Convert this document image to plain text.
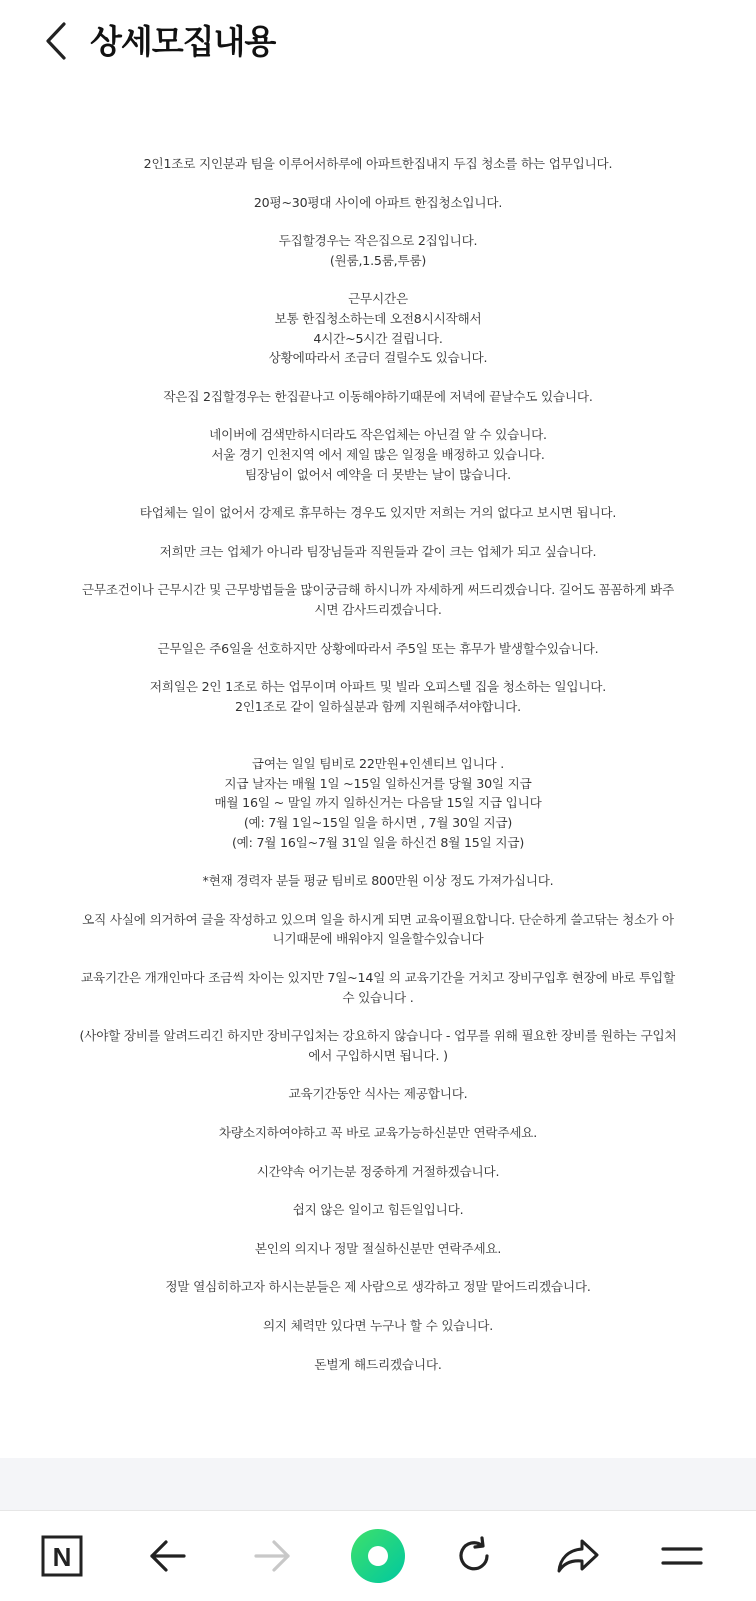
상세모집내용
2인1조로 지인분과 팀을 이루어서하루에 아파트한집내지 두집 청소를 하는 업무입니다.
20평~30평대 사이에 아파트 한집청소입니다.
두집할경우는 작은집으로 2집입니다.
(원룸,1.5룸,투룸)
근무시간은
보통 한집청소하는데 오전8시시작해서
4시간~5시간 걸립니다.
상황에따라서 조금더 걸릴수도 있습니다.
작은집 2집할경우는 한집끝나고 이동해야하기때문에 저녁에 끝날수도 있습니다.
네이버에 검색만하시더라도 작은업체는 아닌걸 알 수 있습니다.
서울 경기 인천지역 에서 제일 많은 일정을 배정하고 있습니다.
팀장님이 없어서 예약을 더 못받는 날이 많습니다.
타업체는 일이 없어서 강제로 휴무하는 경우도 있지만 저희는 거의 없다고 보시면 됩니다.
저희만 크는 업체가 아니라 팀장님들과 직원들과 같이 크는 업체가 되고 싶습니다.
근무조건이나 근무시간 및 근무방법들을 많이궁금해 하시니까 자세하게 써드리겠습니다. 길어도 꼼꼼하게 봐주
시면 감사드리겠습니다.
근무일은 주6일을 선호하지만 상황에따라서 주5일 또는 휴무가 발생할수있습니다.
저희일은 2인 1조로 하는 업무이며 아파트 및 빌라 오피스텔 집을 청소하는 일입니다.
2인1조로 같이 일하실분과 함께 지원해주셔야합니다.
급여는 일일 팀비로 22만원+인센티브 입니다 .
지급 날자는 매월 1일 ~15일 일하신거를 당월 30일 지급
매월 16일 ~ 말일 까지 일하신거는 다음달 15일 지급 입니다
(예: 7월 1일~15일 일을 하시면 , 7월 30일 지급)
(예: 7월 16일~7월 31일 일을 하신건 8월 15일 지급)
*현재 경력자 분들 평균 팀비로 800만원 이상 정도 가져가십니다.
오직 사실에 의거하여 글을 작성하고 있으며 일을 하시게 되면 교육이필요합니다. 단순하게 쓸고닦는 청소가 아
니기때문에 배워야지 일을할수있습니다
교육기간은 개개인마다 조금씩 차이는 있지만 7일~14일 의 교육기간을 거치고 장비구입후 현장에 바로 투입할
수 있습니다 .
(사야할 장비를 알려드리긴 하지만 장비구입처는 강요하지 않습니다 - 업무를 위해 필요한 장비를 원하는 구입처
에서 구입하시면 됩니다. )
교육기간동안 식사는 제공합니다.
차량소지하여야하고 꼭 바로 교육가능하신분만 연락주세요.
시간약속 어기는분 정중하게 거절하겠습니다.
쉽지 않은 일이고 힘든일입니다.
본인의 의지나 정말 절실하신분만 연락주세요.
정말 열심히하고자 하시는분들은 제 사람으로 생각하고 정말 맡어드리겠습니다.
의지 체력만 있다면 누구나 할 수 있습니다.
돈벌게 해드리겠습니다.
N
